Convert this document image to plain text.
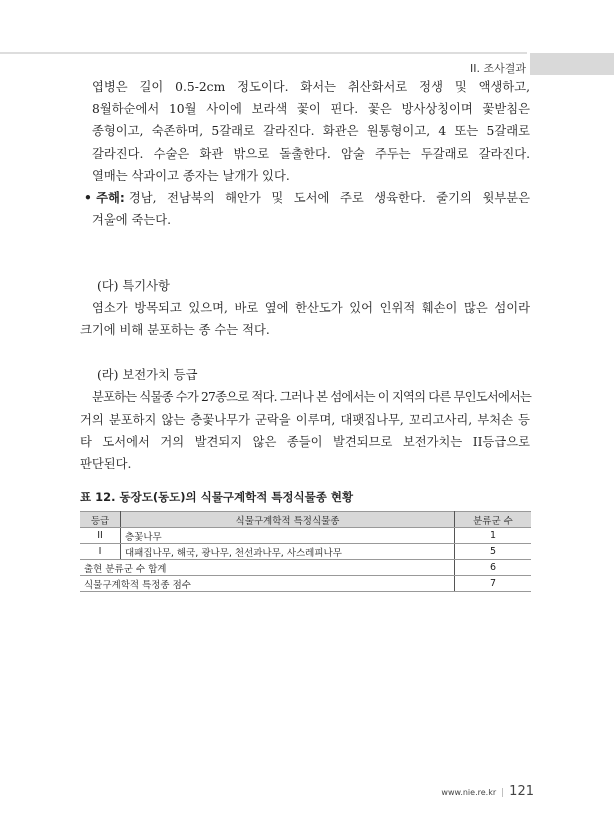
II. 조사결과
엽병은 길이 0.5-2cm 정도이다. 화서는 취산화서로 정생 및 액생하고,
8월하순에서 10월 사이에 보라색 꽃이 핀다. 꽃은 방사상칭이며 꽃받침은
종형이고, 숙존하며, 5갈래로 갈라진다. 화관은 원통형이고, 4 또는 5갈래로
갈라진다. 수술은 화관 밖으로 돌출한다. 암술 주두는 두갈래로 갈라진다.
열매는 삭과이고 종자는 날개가 있다.
• 주해: 경남, 전남북의 해안가 및 도서에 주로 생육한다. 줄기의 윗부분은
겨울에 죽는다.
(다) 특기사항
염소가 방목되고 있으며, 바로 옆에 한산도가 있어 인위적 훼손이 많은 섬이라
크기에 비해 분포하는 종 수는 적다.
(라) 보전가치 등급
분포하는 식물종 수가 27종으로 적다. 그러나 본 섬에서는 이 지역의 다른 무인도서에서는
거의 분포하지 않는 층꽃나무가 군락을 이루며, 대팻집나무, 꼬리고사리, 부처손 등
타 도서에서 거의 발견되지 않은 종들이 발견되므로 보전가치는 II등급으로
판단된다.
표 12. 동장도(동도)의 식물구계학적 특정식물종 현황
등급	식물구계학적 특정식물종	분류군 수
II	층꽃나무	1
I	대패집나무, 해국, 광나무, 천선과나무, 사스레피나무	5
출현 분류군 수 합계		6
식물구계학적 특정종 점수		7
www.nie.re.kr | 121
